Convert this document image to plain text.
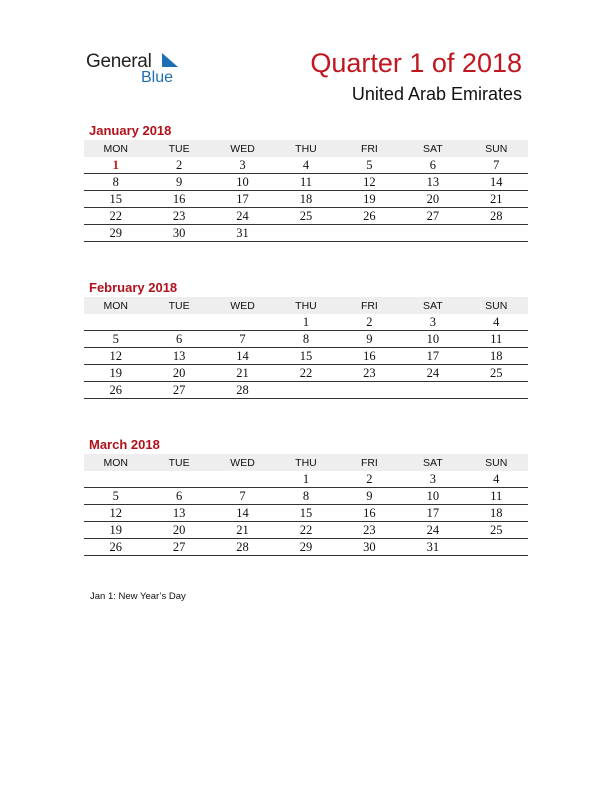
General
Blue	Quarter 1 of 2018
United Arab Emirates
January 2018
MON	TUE	WED	THU	FRI	SAT	SUN
1	2	3	4	5	6	7
8	9	10	11	12	13	14
15	16	17	18	19	20	21
22	23	24	25	26	27	28
29	30	31				
February 2018
MON	TUE	WED	THU	FRI	SAT	SUN
			1	2	3	4
5	6	7	8	9	10	11
12	13	14	15	16	17	18
19	20	21	22	23	24	25
26	27	28				
March 2018
MON	TUE	WED	THU	FRI	SAT	SUN
			1	2	3	4
5	6	7	8	9	10	11
12	13	14	15	16	17	18
19	20	21	22	23	24	25
26	27	28	29	30	31	
Jan 1: New Year’s Day
